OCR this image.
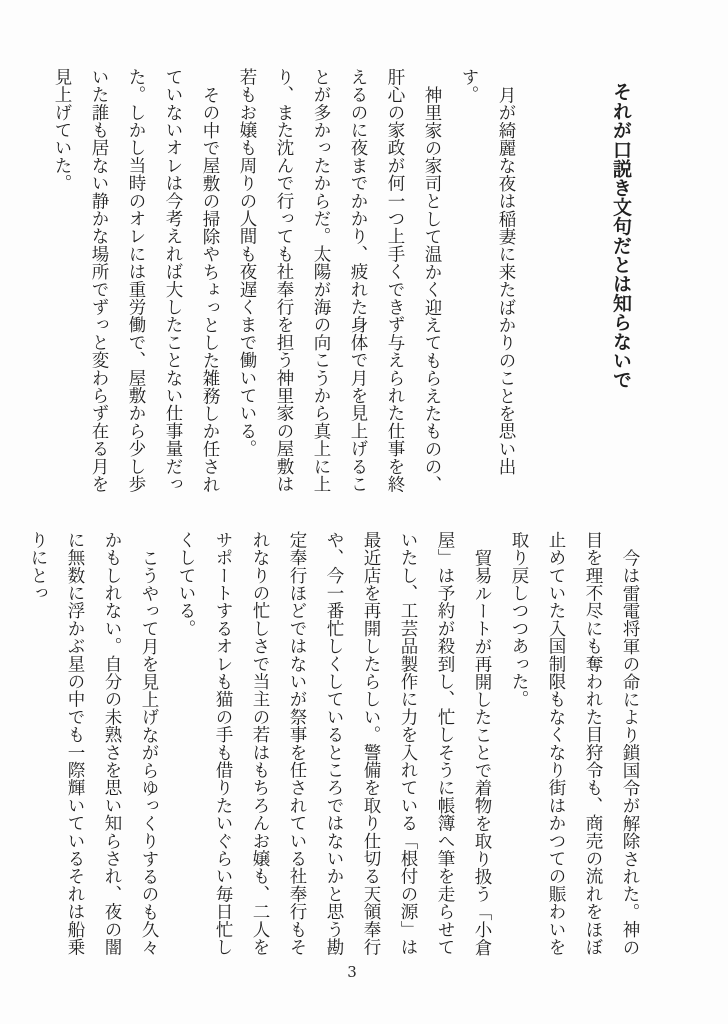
それが口説き文句だとは知らないで

月が綺麗な夜は稲妻に来たばかりのことを思い出す。

神里家の家司として温かく迎えてもらえたものの、肝心の家政が何一つ上手くできず与えられた仕事を終えるのに夜までかかり、疲れた身体で月を見上げることが多かったからだ。太陽が海の向こうから真上に上り、また沈んで行っても社奉行を担う神里家の屋敷は若もお嬢も周りの人間も夜遅くまで働いている。

その中で屋敷の掃除やちょっとした雑務しか任されていないオレは今考えれば大したことない仕事量だった。しかし当時のオレには重労働で、屋敷から少し歩いた誰も居ない静かな場所でずっと変わらず在る月を見上げていた。

今は雷電将軍の命により鎖国令が解除された。神の目を理不尽にも奪われた目狩令も、商売の流れをほぼ止めていた入国制限もなくなり街はかつての賑わいを取り戻しつつあった。

貿易ルートが再開したことで着物を取り扱う「小倉屋」は予約が殺到し、忙しそうに帳簿へ筆を走らせていたし、工芸品製作に力を入れている「根付の源」は最近店を再開したらしい。警備を取り仕切る天領奉行や、今一番忙しくしているところではないかと思う勘定奉行ほどではないが祭事を任されている社奉行もそれなりの忙しさで当主の若はもちろんお嬢も、二人をサポートするオレも猫の手も借りたいぐらい毎日忙しくしている。

こうやって月を見上げながらゆっくりするのも久々かもしれない。自分の未熟さを思い知らされ、夜の闇に無数に浮かぶ星の中でも一際輝いているそれは船乗りにとっ

3
